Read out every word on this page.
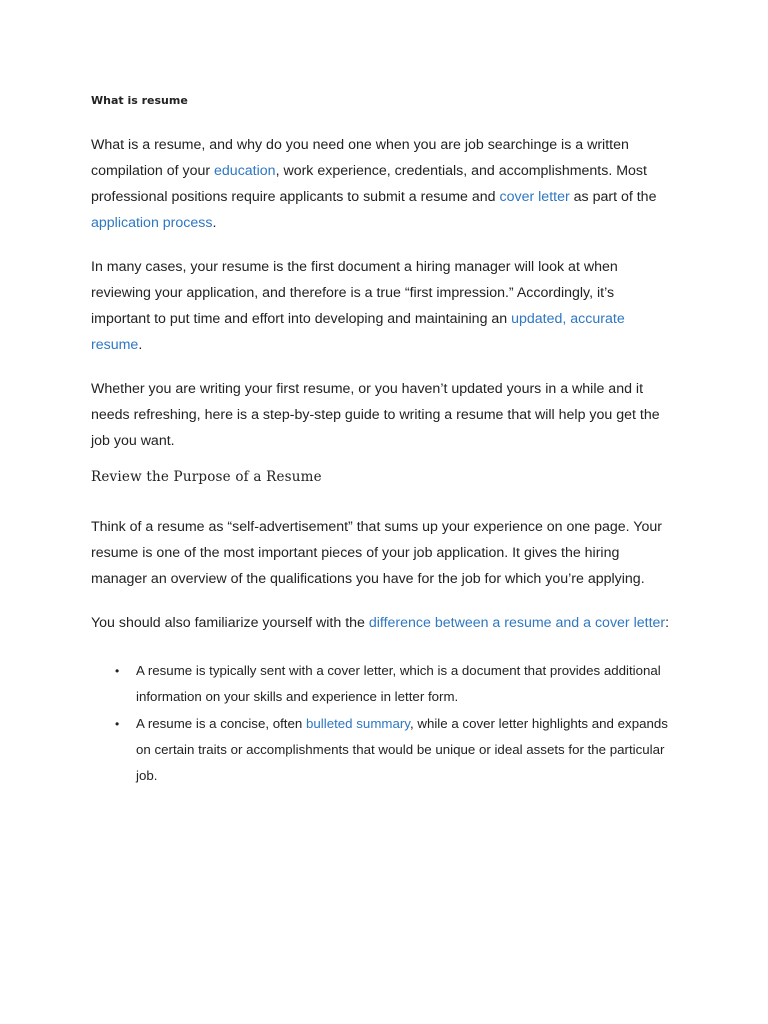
What is resume

What is a resume, and why do you need one when you are job searchinge is a written compilation of your education, work experience, credentials, and accomplishments. Most professional positions require applicants to submit a resume and cover letter as part of the application process.

In many cases, your resume is the first document a hiring manager will look at when reviewing your application, and therefore is a true “first impression.” Accordingly, it’s important to put time and effort into developing and maintaining an updated, accurate resume.

Whether you are writing your first resume, or you haven’t updated yours in a while and it needs refreshing, here is a step-by-step guide to writing a resume that will help you get the job you want.

Review the Purpose of a Resume

Think of a resume as “self-advertisement” that sums up your experience on one page. Your resume is one of the most important pieces of your job application. It gives the hiring manager an overview of the qualifications you have for the job for which you’re applying.

You should also familiarize yourself with the difference between a resume and a cover letter:

• A resume is typically sent with a cover letter, which is a document that provides additional information on your skills and experience in letter form.
• A resume is a concise, often bulleted summary, while a cover letter highlights and expands on certain traits or accomplishments that would be unique or ideal assets for the particular job.
